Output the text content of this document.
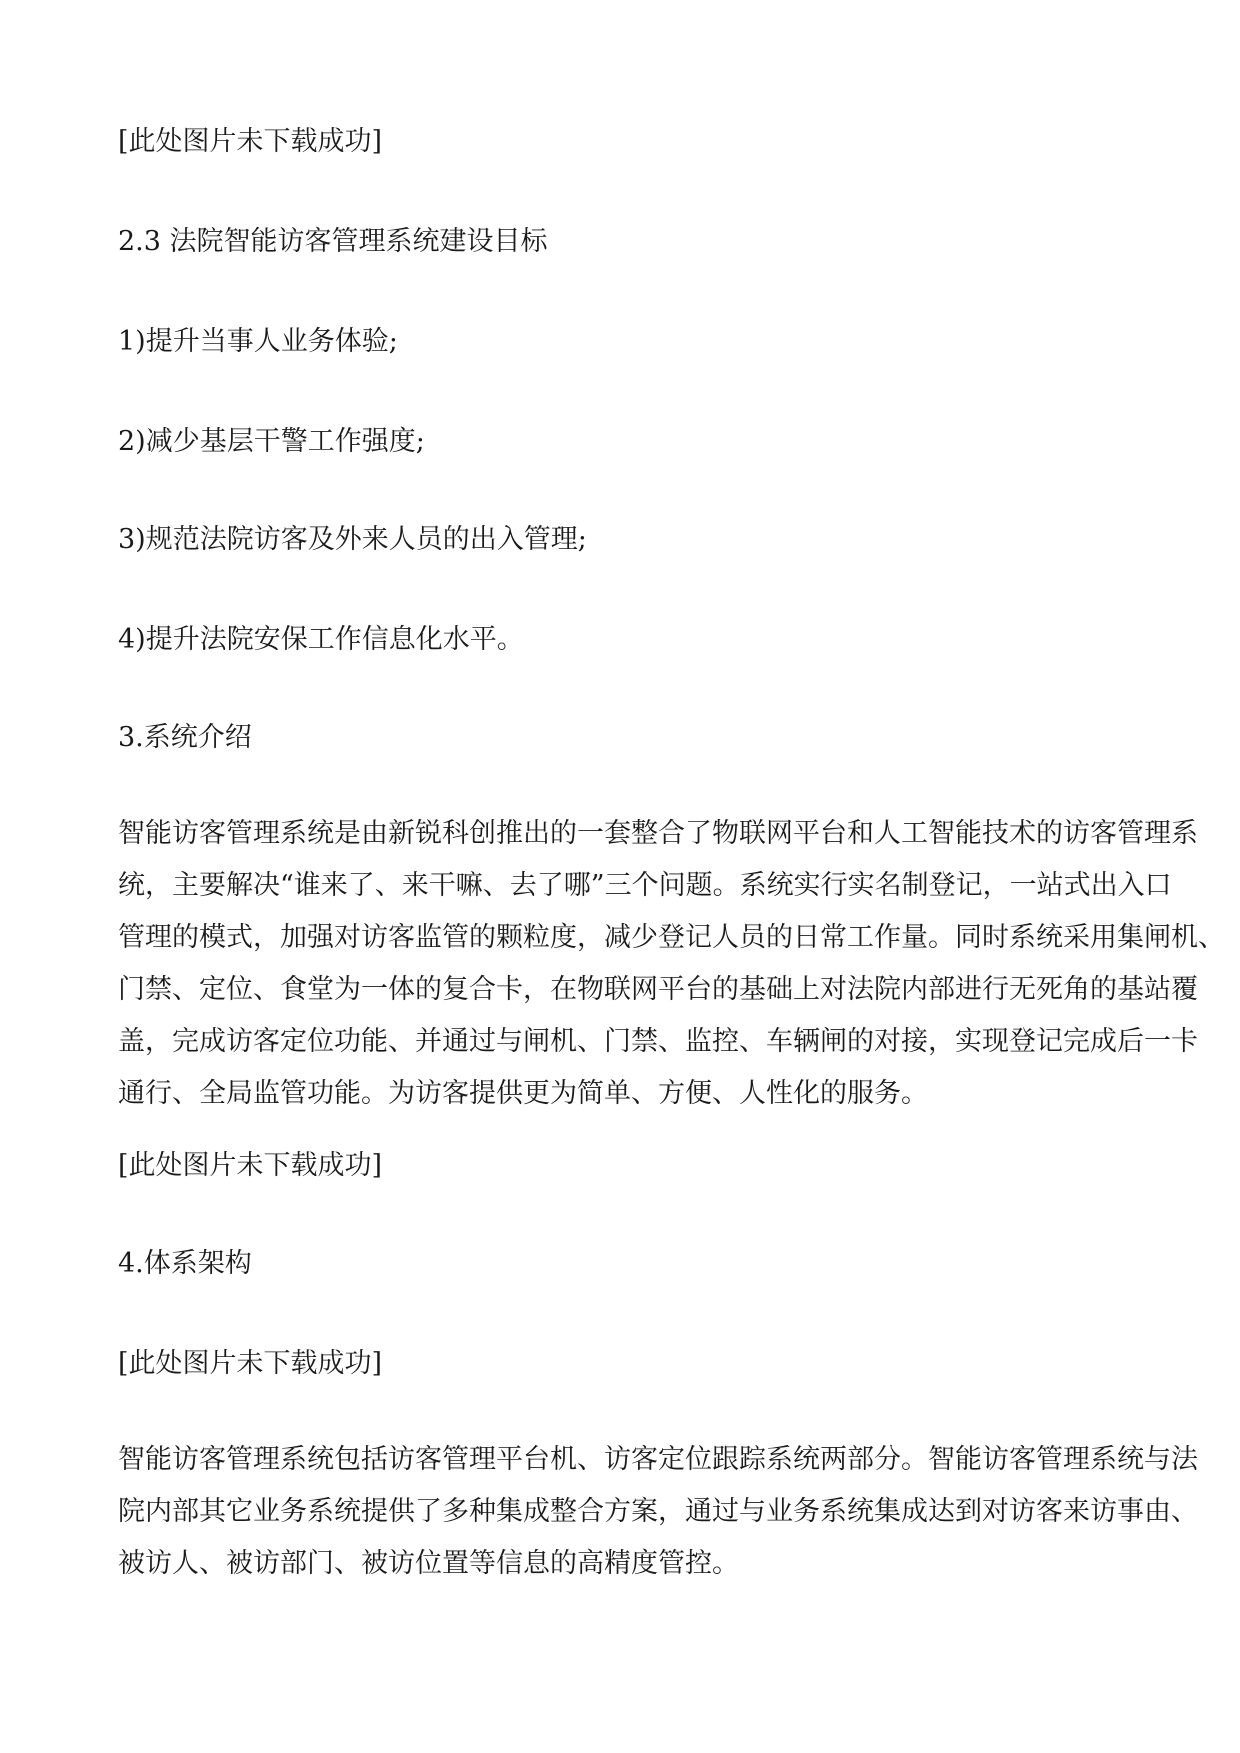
[此处图片未下载成功]

2.3 法院智能访客管理系统建设目标

1)提升当事人业务体验;

2)减少基层干警工作强度;

3)规范法院访客及外来人员的出入管理;

4)提升法院安保工作信息化水平。

3.系统介绍

智能访客管理系统是由新锐科创推出的一套整合了物联网平台和人工智能技术的访客管理系
统，主要解决“谁来了、来干嘛、去了哪”三个问题。系统实行实名制登记，一站式出入口
管理的模式，加强对访客监管的颗粒度，减少登记人员的日常工作量。同时系统采用集闸机、
门禁、定位、食堂为一体的复合卡，在物联网平台的基础上对法院内部进行无死角的基站覆
盖，完成访客定位功能、并通过与闸机、门禁、监控、车辆闸的对接，实现登记完成后一卡
通行、全局监管功能。为访客提供更为简单、方便、人性化的服务。

[此处图片未下载成功]

4.体系架构

[此处图片未下载成功]

智能访客管理系统包括访客管理平台机、访客定位跟踪系统两部分。智能访客管理系统与法
院内部其它业务系统提供了多种集成整合方案，通过与业务系统集成达到对访客来访事由、
被访人、被访部门、被访位置等信息的高精度管控。
